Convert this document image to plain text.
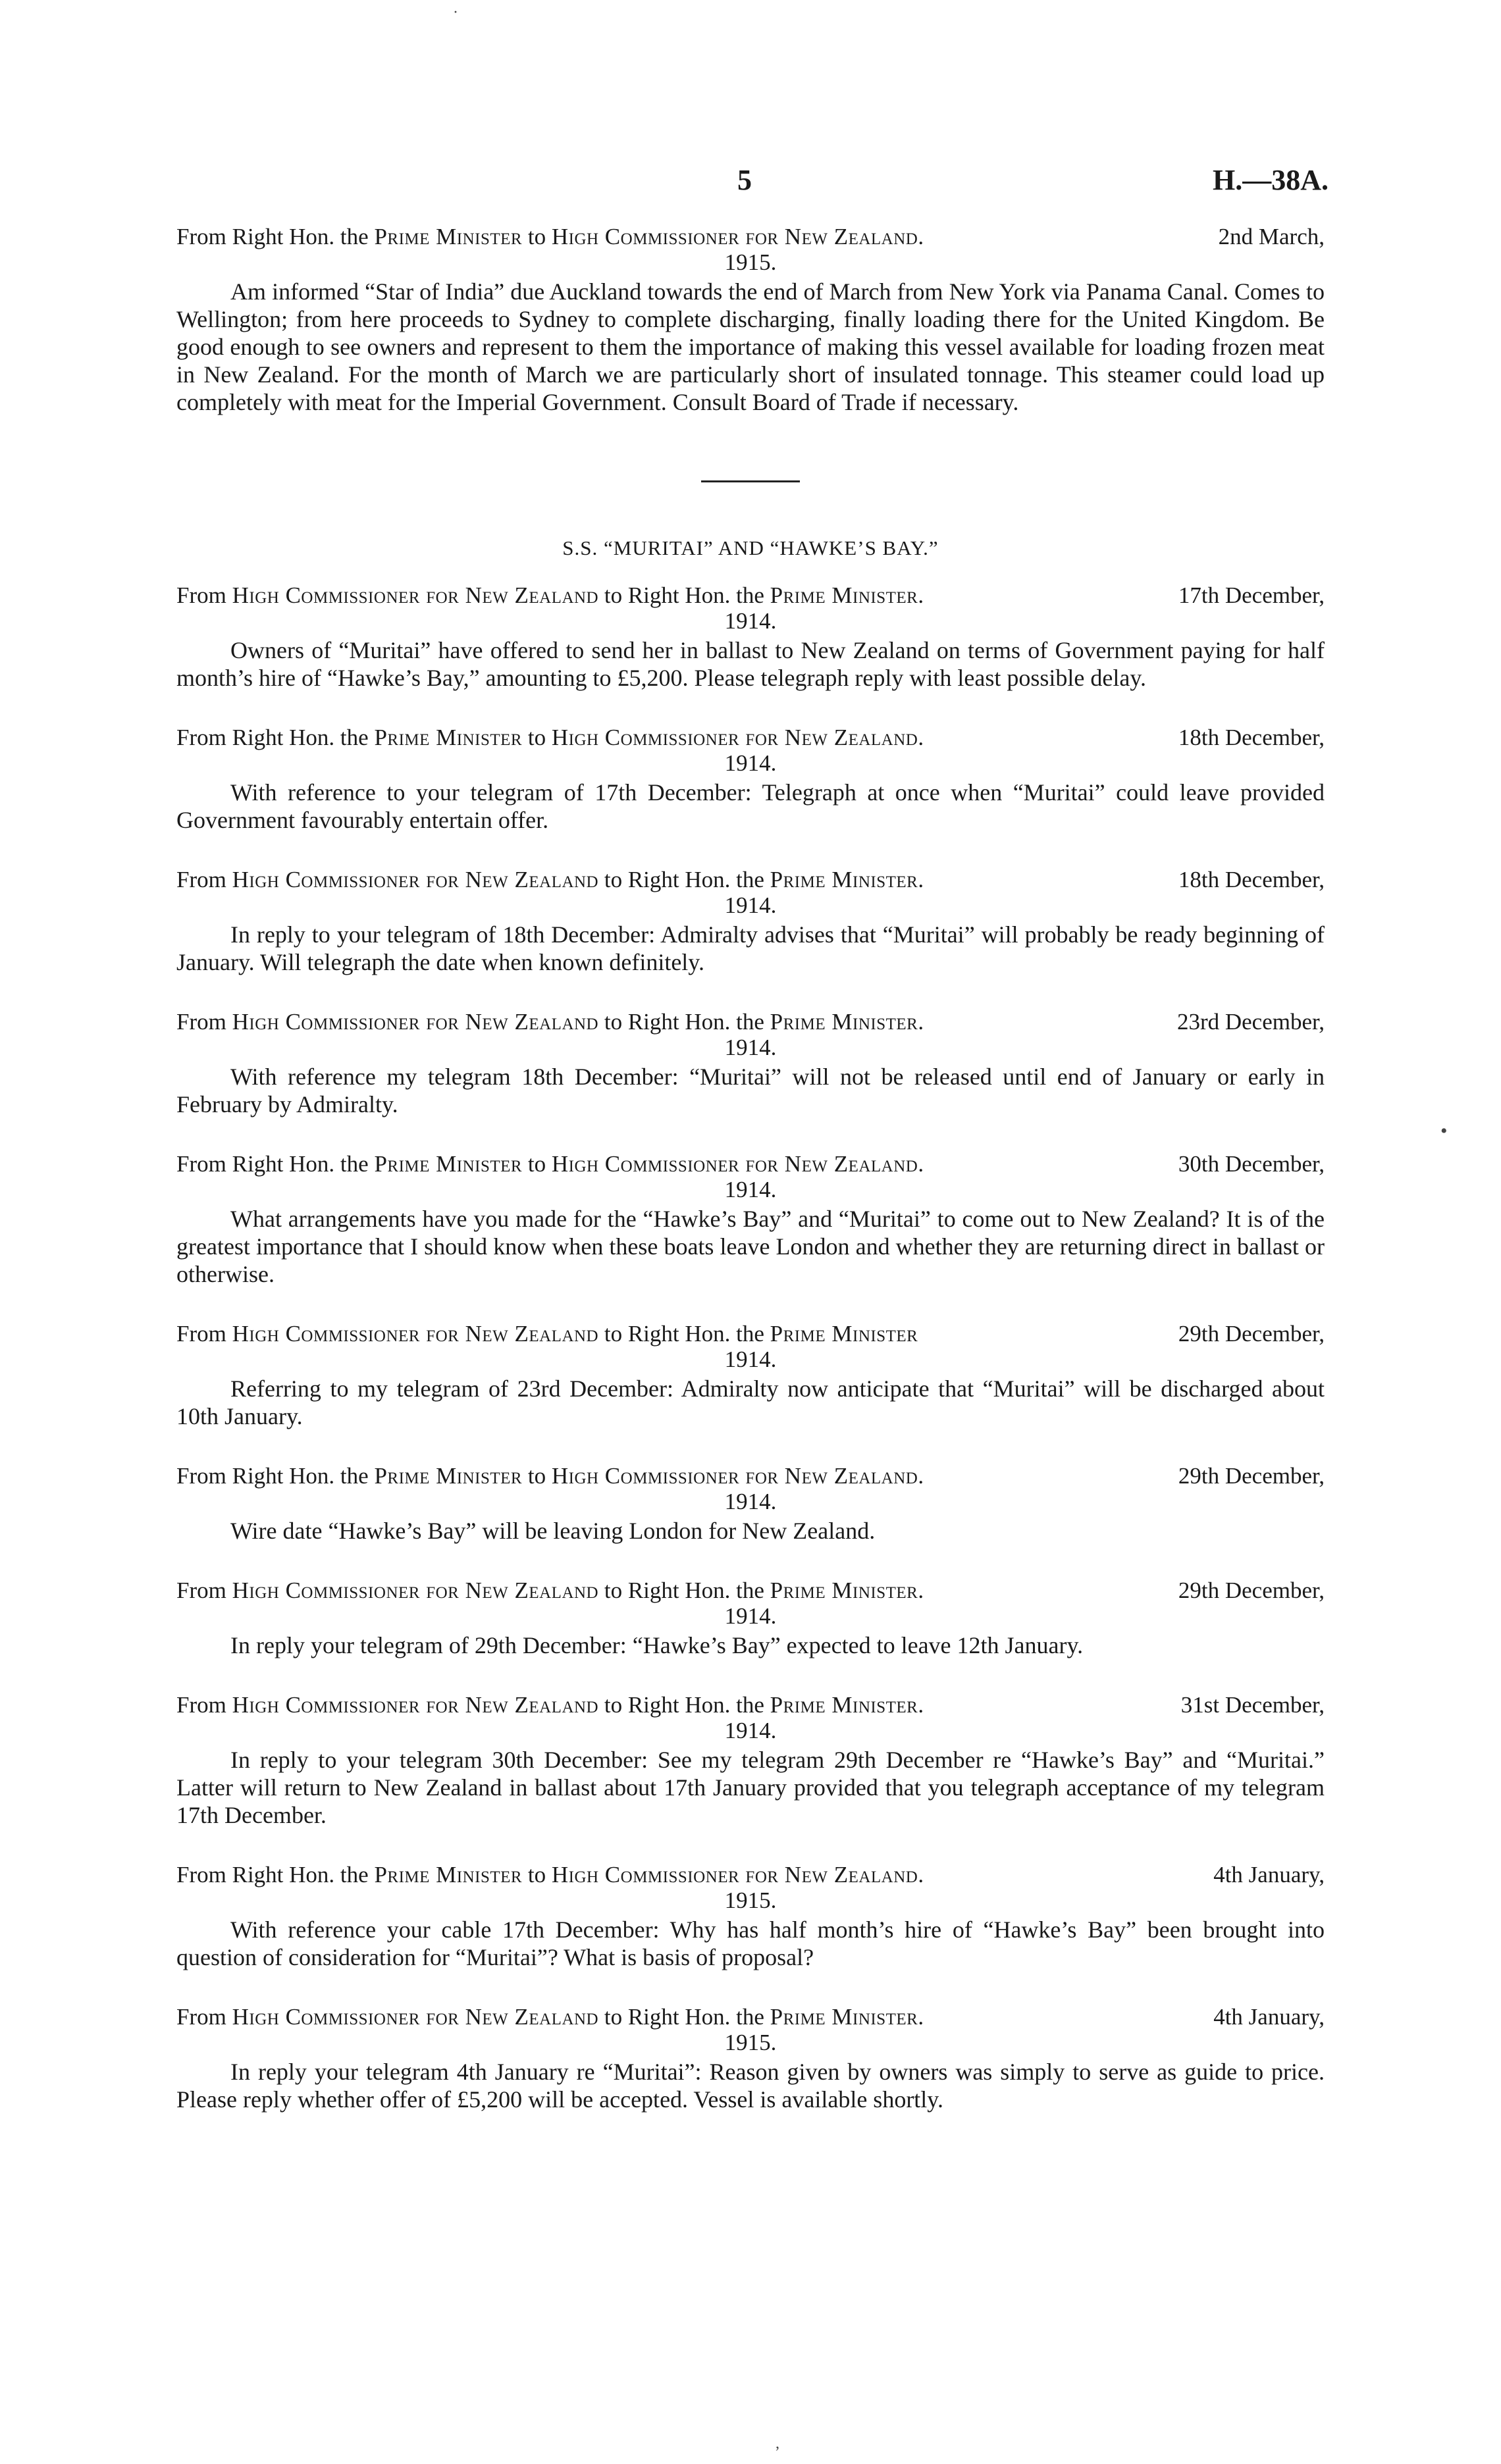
5	H.—38A.
From Right Hon. the Prime Minister to High Commissioner for New Zealand.	2nd March,
1915.

Am informed “Star of India” due Auckland towards the end of March from New York via Panama Canal. Comes to Wellington; from here proceeds to Sydney to complete discharging, finally loading there for the United Kingdom. Be good enough to see owners and represent to them the importance of making this vessel available for loading frozen meat in New Zealand. For the month of March we are particularly short of insulated tonnage. This steamer could load up completely with meat for the Imperial Government. Consult Board of Trade if necessary.

S.S. “MURITAI” AND “HAWKE’S BAY.”
From High Commissioner for New Zealand to Right Hon. the Prime Minister.	17th December,
1914.

Owners of “Muritai” have offered to send her in ballast to New Zealand on terms of Government paying for half month’s hire of “Hawke’s Bay,” amounting to £5,200. Please telegraph reply with least possible delay.

From Right Hon. the Prime Minister to High Commissioner for New Zealand.	18th December,
1914.

With reference to your telegram of 17th December: Telegraph at once when “Muritai” could leave provided Government favourably entertain offer.

From High Commissioner for New Zealand to Right Hon. the Prime Minister.	18th December,
1914.

In reply to your telegram of 18th December: Admiralty advises that “Muritai” will probably be ready beginning of January. Will telegraph the date when known definitely.

From High Commissioner for New Zealand to Right Hon. the Prime Minister.	23rd December,
1914.

With reference my telegram 18th December: “Muritai” will not be released until end of January or early in February by Admiralty.

From Right Hon. the Prime Minister to High Commissioner for New Zealand.	30th December,
1914.

What arrangements have you made for the “Hawke’s Bay” and “Muritai” to come out to New Zealand? It is of the greatest importance that I should know when these boats leave London and whether they are returning direct in ballast or otherwise.

From High Commissioner for New Zealand to Right Hon. the Prime Minister	29th December,
1914.

Referring to my telegram of 23rd December: Admiralty now anticipate that “Muritai” will be discharged about 10th January.

From Right Hon. the Prime Minister to High Commissioner for New Zealand.	29th December,
1914.

Wire date “Hawke’s Bay” will be leaving London for New Zealand.

From High Commissioner for New Zealand to Right Hon. the Prime Minister.	29th December,
1914.

In reply your telegram of 29th December: “Hawke’s Bay” expected to leave 12th January.

From High Commissioner for New Zealand to Right Hon. the Prime Minister.	31st December,
1914.

In reply to your telegram 30th December: See my telegram 29th December re “Hawke’s Bay” and “Muritai.” Latter will return to New Zealand in ballast about 17th January provided that you telegraph acceptance of my telegram 17th December.

From Right Hon. the Prime Minister to High Commissioner for New Zealand.	4th January,
1915.

With reference your cable 17th December: Why has half month’s hire of “Hawke’s Bay” been brought into question of consideration for “Muritai”? What is basis of proposal?

From High Commissioner for New Zealand to Right Hon. the Prime Minister.	4th January,
1915.

In reply your telegram 4th January re “Muritai”: Reason given by owners was simply to serve as guide to price. Please reply whether offer of £5,200 will be accepted. Vessel is available shortly.

·
•
,
